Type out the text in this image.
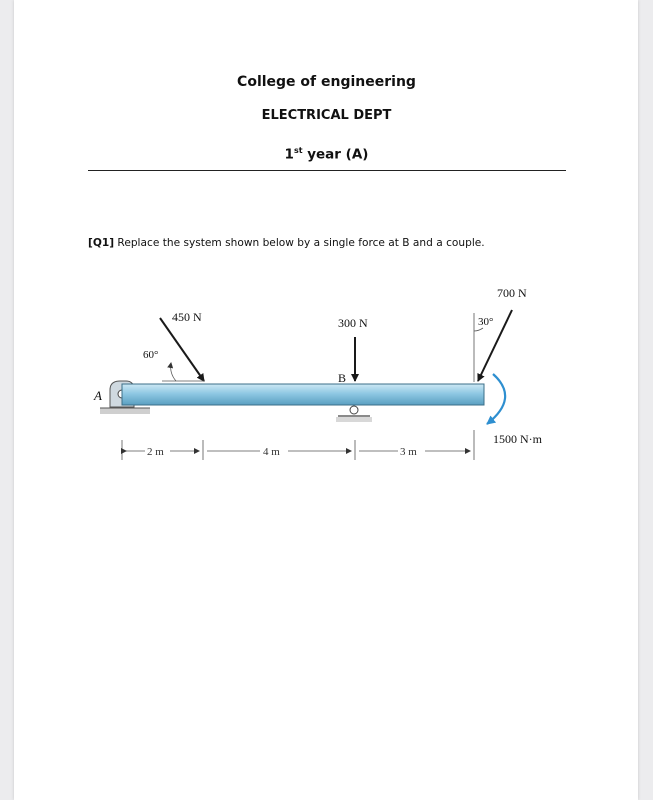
College of engineering
ELECTRICAL DEPT
1st year (A)
[Q1] Replace the system shown below by a single force at B and a couple.
450 N
60°
300 N
B
700 N
30°
1500 N·m
A
2 m	4 m	3 m
